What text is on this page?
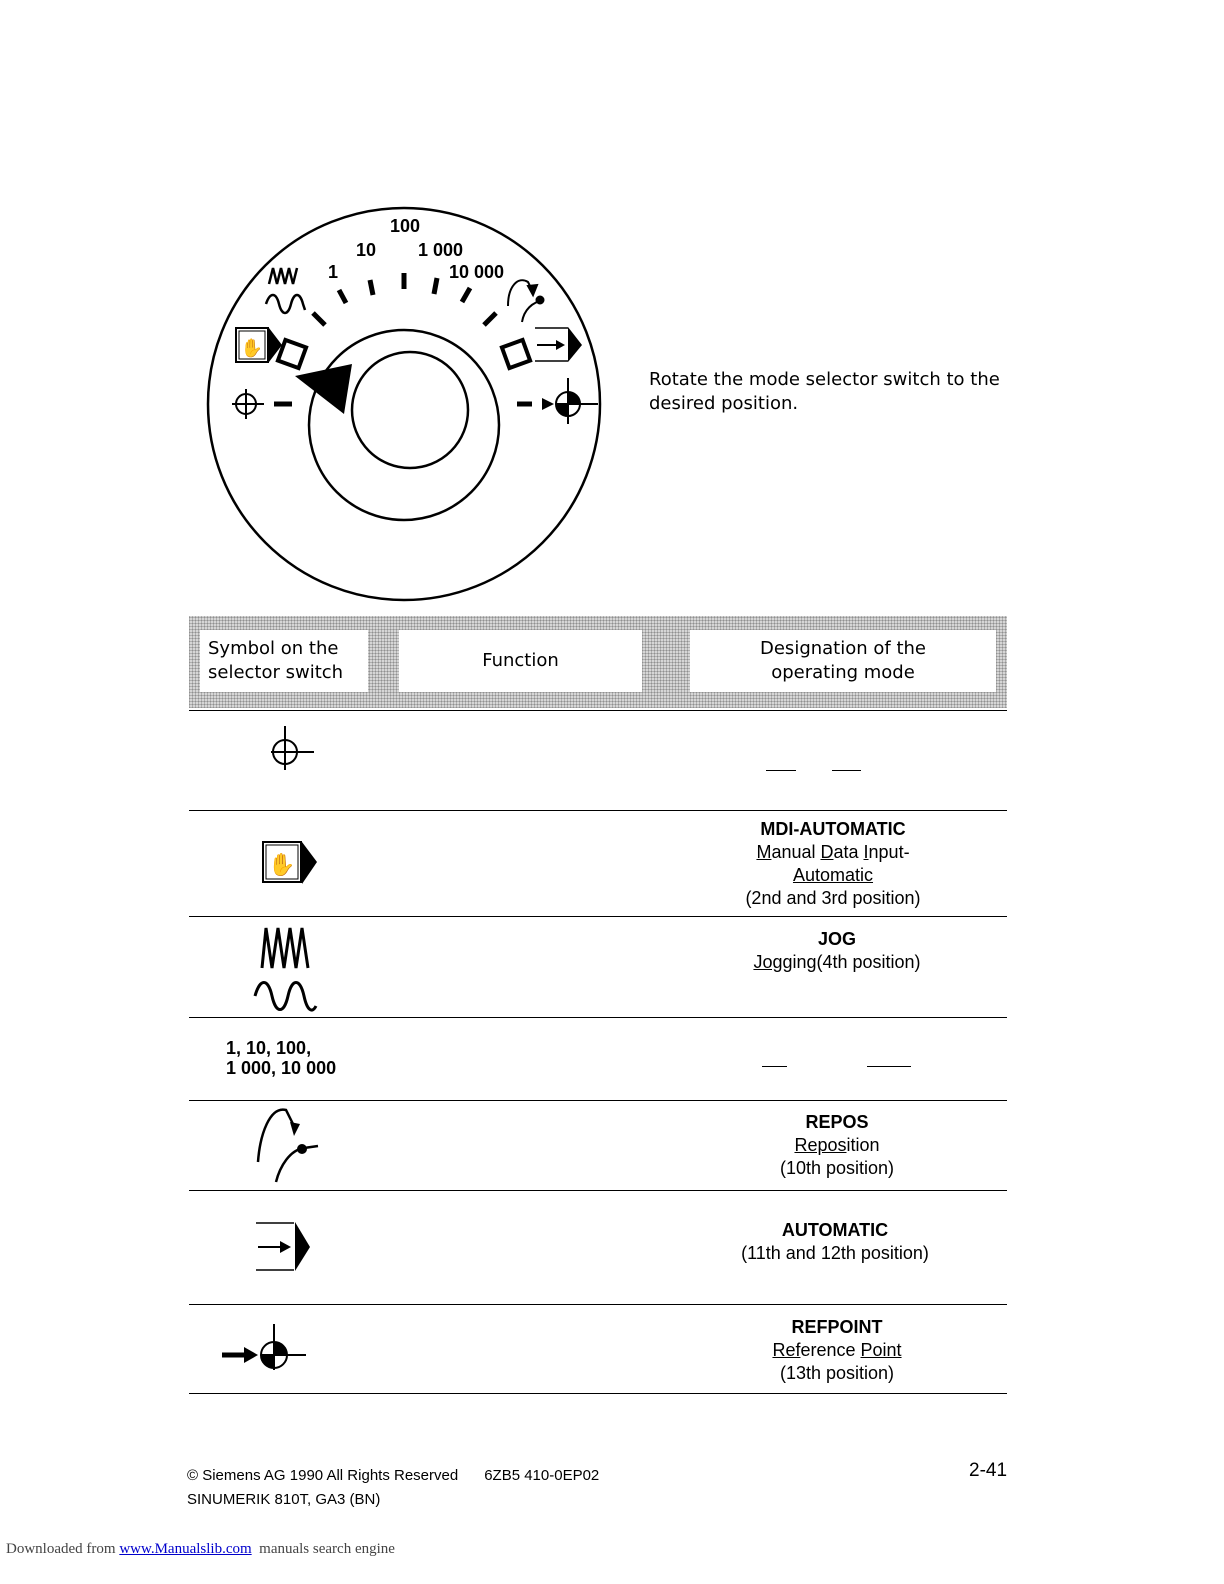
1
10
100
1 000
10 000
✋
Rotate the mode selector switch to the
desired position.
Symbol on the
selector switch
Function
Designation of the
operating mode
✋
MDI-AUTOMATIC
Manual Data Input-
Automatic
(2nd and 3rd position)
JOG
Jogging(4th position)
1, 10, 100,
1 000, 10 000
REPOS
Reposition
(10th position)
AUTOMATIC
(11th and 12th position)
REFPOINT
Reference Point
(13th position)
© Siemens AG 1990 All Rights Reserved 6ZB5 410-0EP02
SINUMERIK 810T, GA3 (BN)
2-41
Downloaded from www.Manualslib.com  manuals search engine
